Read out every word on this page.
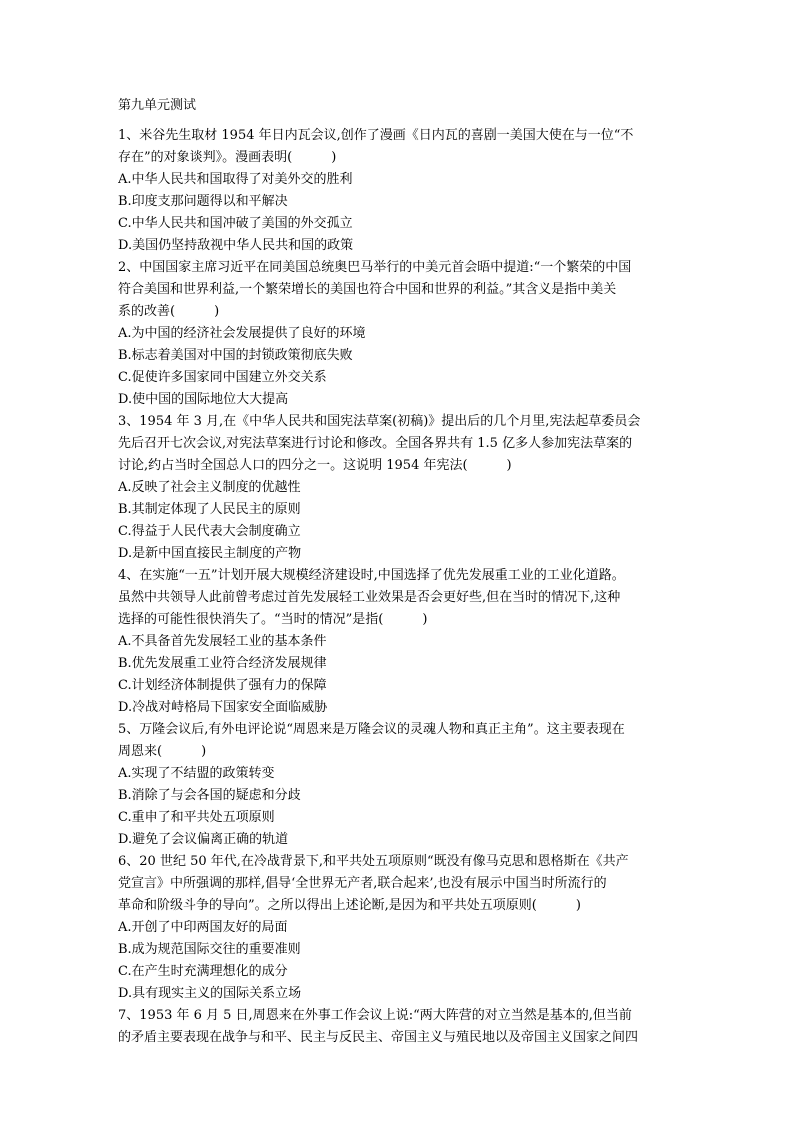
第九单元测试
1、米谷先生取材 1954 年日内瓦会议,创作了漫画《日内瓦的喜剧一美国大使在与一位“不
存在”的对象谈判》。漫画表明(　　　)
A.中华人民共和国取得了对美外交的胜利
B.印度支那问题得以和平解决
C.中华人民共和国冲破了美国的外交孤立
D.美国仍坚持敌视中华人民共和国的政策
2、中国国家主席习近平在同美国总统奥巴马举行的中美元首会晤中提道:“一个繁荣的中国
符合美国和世界利益,一个繁荣增长的美国也符合中国和世界的利益。”其含义是指中美关
系的改善(　　　)
A.为中国的经济社会发展提供了良好的环境
B.标志着美国对中国的封锁政策彻底失败
C.促使许多国家同中国建立外交关系
D.使中国的国际地位大大提高
3、1954 年 3 月,在《中华人民共和国宪法草案(初稿)》提出后的几个月里,宪法起草委员会
先后召开七次会议,对宪法草案进行讨论和修改。全国各界共有 1.5 亿多人参加宪法草案的
讨论,约占当时全国总人口的四分之一。这说明 1954 年宪法(　　　)
A.反映了社会主义制度的优越性
B.其制定体现了人民民主的原则
C.得益于人民代表大会制度确立
D.是新中国直接民主制度的产物
4、在实施“一五”计划开展大规模经济建设时,中国选择了优先发展重工业的工业化道路。
虽然中共领导人此前曾考虑过首先发展轻工业效果是否会更好些,但在当时的情况下,这种
选择的可能性很快消失了。“当时的情况”是指(　　　)
A.不具备首先发展轻工业的基本条件
B.优先发展重工业符合经济发展规律
C.计划经济体制提供了强有力的保障
D.冷战对峙格局下国家安全面临威胁
5、万隆会议后,有外电评论说“周恩来是万隆会议的灵魂人物和真正主角”。这主要表现在
周恩来(　　　)
A.实现了不结盟的政策转变
B.消除了与会各国的疑虑和分歧
C.重申了和平共处五项原则
D.避免了会议偏离正确的轨道
6、20 世纪 50 年代,在冷战背景下,和平共处五项原则“既没有像马克思和恩格斯在《共产
党宣言》中所强调的那样,倡导‘全世界无产者,联合起来’,也没有展示中国当时所流行的
革命和阶级斗争的导向”。之所以得出上述论断,是因为和平共处五项原则(　　　)
A.开创了中印两国友好的局面
B.成为规范国际交往的重要准则
C.在产生时充满理想化的成分
D.具有现实主义的国际关系立场
7、1953 年 6 月 5 日,周恩来在外事工作会议上说:“两大阵营的对立当然是基本的,但当前
的矛盾主要表现在战争与和平、民主与反民主、帝国主义与殖民地以及帝国主义国家之间四
